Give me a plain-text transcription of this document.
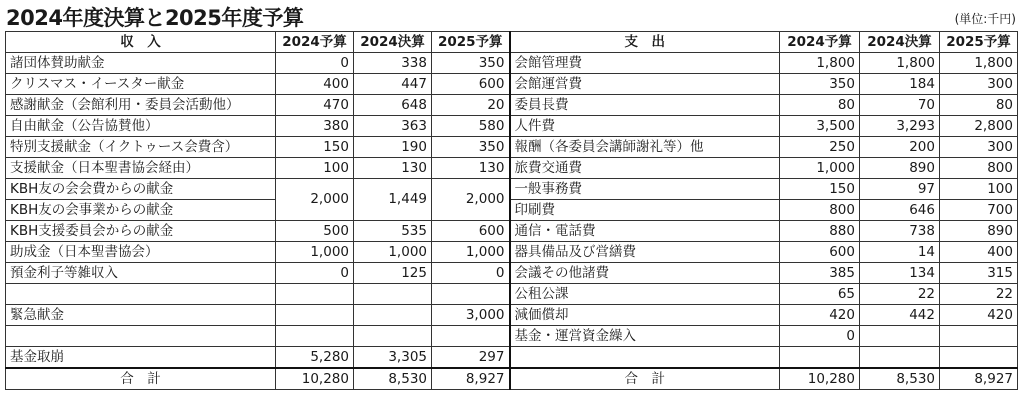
2024年度決算と2025年度予算	(単位:千円)
収　入	2024予算	2024決算	2025予算	支　出	2024予算	2024決算	2025予算
諸団体賛助献金	0	338	350	会館管理費	1,800	1,800	1,800
クリスマス・イースター献金	400	447	600	会館運営費	350	184	300
感謝献金（会館利用・委員会活動他）	470	648	20	委員長費	80	70	80
自由献金（公告協賛他）	380	363	580	人件費	3,500	3,293	2,800
特別支援献金（イクトゥース会費含）	150	190	350	報酬（各委員会講師謝礼等）他	250	200	300
支援献金（日本聖書協会経由）	100	130	130	旅費交通費	1,000	890	800
KBH友の会会費からの献金	2,000	1,449	2,000	一般事務費	150	97	100
KBH友の会事業からの献金				印刷費	800	646	700
KBH支援委員会からの献金	500	535	600	通信・電話費	880	738	890
助成金（日本聖書協会）	1,000	1,000	1,000	器具備品及び営繕費	600	14	400
預金利子等雑収入	0	125	0	会議その他諸費	385	134	315
				公租公課	65	22	22
緊急献金			3,000	減価償却	420	442	420
				基金・運営資金繰入	0		
基金取崩	5,280	3,305	297				
合　計	10,280	8,530	8,927	合　計	10,280	8,530	8,927
